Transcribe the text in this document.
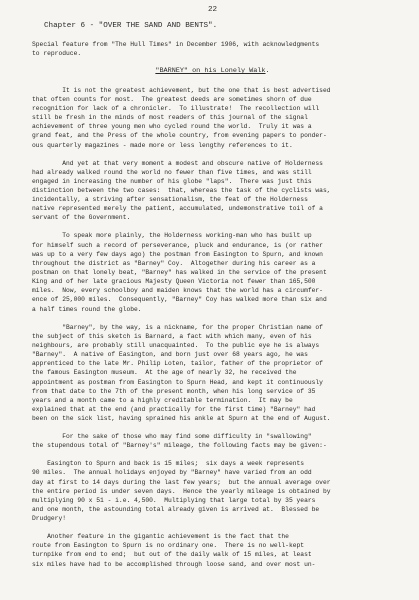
22
Chapter 6 - "OVER THE SAND AND BENTS".
Special feature from "The Hull Times" in December 1906, with acknowledgments
to reproduce.
"BARNEY" on his Lonely Walk.
It is not the greatest achievement, but the one that is best advertised
that often counts for most.  The greatest deeds are sometimes shorn of due
recognition for lack of a chronicler.  To illustrate!  The recollection will
still be fresh in the minds of most readers of this journal of the signal
achievement of three young men who cycled round the world.  Truly it was a
grand feat, and the Press of the whole country, from evening papers to ponder-
ous quarterly magazines - made more or less lengthy references to it.
And yet at that very moment a modest and obscure native of Holderness
had already walked round the world no fewer than five times, and was still
engaged in increasing the number of his globe "laps".  There was just this
distinction between the two cases:  that, whereas the task of the cyclists was,
incidentally, a striving after sensationalism, the feat of the Holderness
native represented merely the patient, accumulated, undemonstrative toil of a
servant of the Government.
To speak more plainly, the Holderness working-man who has built up
for himself such a record of perseverance, pluck and endurance, is (or rather
was up to a very few days ago) the postman from Easington to Spurn, and known
throughout the district as "Barney" Coy.  Altogether during his career as a
postman on that lonely beat, "Barney" has walked in the service of the present
King and of her late gracious Majesty Queen Victoria not fewer than 165,500
miles.  Now, every schoolboy and maiden knows that the world has a circumfer-
ence of 25,000 miles.  Consequently, "Barney" Coy has walked more than six and
a half times round the globe.
"Barney", by the way, is a nickname, for the proper Christian name of
the subject of this sketch is Barnard, a fact with which many, even of his
neighbours, are probably still unacquainted.  To the public eye he is always
"Barney".  A native of Easington, and born just over 68 years ago, he was
apprenticed to the late Mr. Philip Loten, tailor, father of the proprietor of
the famous Easington museum.  At the age of nearly 32, he received the
appointment as postman from Easington to Spurn Head, and kept it continuously
from that date to the 7th of the present month, when his long service of 35
years and a month came to a highly creditable termination.  It may be
explained that at the end (and practically for the first time) "Barney" had
been on the sick list, having sprained his ankle at Spurn at the end of August.
For the sake of those who may find some difficulty in "swallowing"
the stupendous total of "Barney's" mileage, the following facts may be given:-
Easington to Spurn and back is 15 miles;  six days a week represents
90 miles.  The annual holidays enjoyed by "Barney" have varied from an odd
day at first to 14 days during the last few years;  but the annual average over
the entire period is under seven days.  Hence the yearly mileage is obtained by
multiplying 90 x 51 - i.e. 4,500.  Multiplying that large total by 35 years
and one month, the astounding total already given is arrived at.  Blessed be
Drudgery!
Another feature in the gigantic achievement is the fact that the
route from Easington to Spurn is no ordinary one.  There is no well-kept
turnpike from end to end;  but out of the daily walk of 15 miles, at least
six miles have had to be accomplished through loose sand, and over most un-
